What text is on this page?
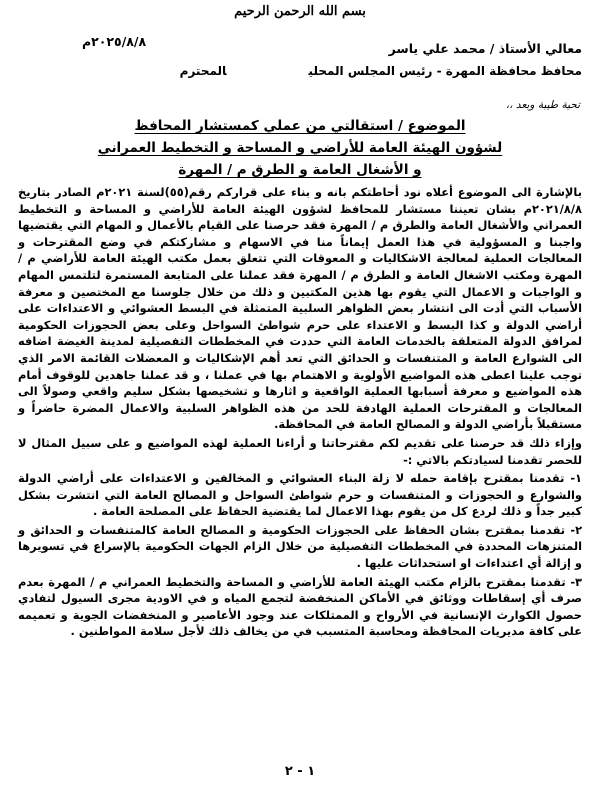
بسم الله الرحمن الرحيم
٢٠٢٥/٨/٨م	معالي الأستاذ / محمد علي ياسر
محافظ محافظة المهرة - رئيس المجلس المحليالمحترم
تحية طيبة وبعد ،،
الموضوع / استقالتي من عملي كمستشار المحافظ
لشؤون الهيئة العامة للأراضي و المساحة و التخطيط العمراني
و الأشغال العامة و الطرق م / المهرة

بالإشارة الى الموضوع أعلاه نود أحاطتكم بانه و بناء على قراركم رقم(٥٥)لسنة ٢٠٢١م الصادر بتاريخ ٢٠٢١/٨/٨م بشان تعيننا مستشار للمحافظ لشؤون الهيئة العامة للأراضي و المساحة و التخطيط العمراني والأشغال العامة والطرق م / المهرة فقد حرصنا على القيام بالأعمال و المهام التي يقتضيها واجبنا و المسؤولية في هذا العمل إيماناً منا في الاسهام و مشاركتكم في وضع المقترحات و المعالجات العملية لمعالجة الاشكاليات و المعوقات التي تتعلق بعمل مكتب الهيئة العامة للأراضي م / المهرة ومكتب الاشغال العامة و الطرق م / المهرة فقد عملنا على المتابعة المستمرة لتلتمس المهام و الواجبات و الاعمال التي يقوم بها هذين المكتبين و ذلك من خلال جلوسنا مع المختصين و معرفة الأسباب التي أدت الى انتشار بعض الظواهر السلبية المتمثلة في البسط العشوائي و الاعتداءات على أراضي الدولة و كذا البسط و الاعتداء على حرم شواطئ السواحل وعلى بعض الحجوزات الحكومية لمرافق الدولة المتعلقة بالخدمات العامة التي حددت في المخططات التفصيلية لمدينة الغيضة اضافه الى الشوارع العامة و المتنفسات و الحدائق التي تعد أهم الإشكاليات و المعضلات القائمة الامر الذي توجب علينا اعطى هذه المواضيع الأولوية و الاهتمام بها في عملنا ، و قد عملنا جاهدين للوقوف أمام هذه المواضيع و معرفة أسبابها العملية الواقعية و اثارها و تشخيصها بشكل سليم واقعي وصولاً الى المعالجات و المقترحات العملية الهادفة للحد من هذه الظواهر السلبية والاعمال المضرة حاضراً و مستقبلاً بأراضي الدولة و المصالح العامة في المحافظة.

وإزاء ذلك قد حرصنا على تقديم لكم مقترحاتنا و أراءنا العملية لهذه المواضيع و على سبيل المثال لا للحصر تقدمنا لسيادتكم بالاتي :-

١- تقدمنا بمقترح بإقامة حمله لا زلة البناء العشوائي و المخالفين و الاعتداءات على أراضي الدولة والشوارع و الحجوزات و المتنفسات و حرم شواطئ السواحل و المصالح العامة التي انتشرت بشكل كبير جداً و ذلك لردع كل من يقوم بهذا الاعمال لما يقتضية الحفاظ على المصلحة العامة .
٢- تقدمنا بمقترح بشان الحفاظ على الحجوزات الحكومية و المصالح العامة كالمتنفسات و الحدائق و المتنزهات المحددة في المخططات التفصيلية من خلال الزام الجهات الحكومية بالإسراع في تسويرها و إزالة أي اعتداءات او استحداثات عليها .
٣- تقدمنا بمقترح بالزام مكتب الهيئة العامة للأراضي و المساحة والتخطيط العمراني م / المهرة بعدم صرف أي إسقاطات ووثائق في الأماكن المنخفضة لتجمع المياه و في الاودية مجرى السيول لتفادي حصول الكوارث الإنسانية في الأرواح و الممتلكات عند وجود الأعاصير و المنخفضات الجوية و تعميمه على كافة مديريات المحافظة ومحاسبة المتسبب في من يخالف ذلك لأجل سلامة المواطنين .
١ - ٢
